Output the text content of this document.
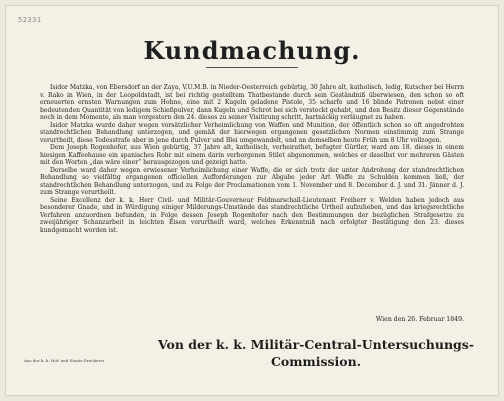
52331
Kundmachung.

Isidor Matzka, von Ebersdorf an der Zaya, V.U.M.B. in Nieder-Oesterreich gebürtig, 30 Jahre alt, katholisch, ledig, Kutscher bei Herrn v. Rako in Wien, in der Leopoldstadt, ist bei richtig gestelltem Thatbestande durch sein Geständniß überwiesen, den schon so oft erneuerten ernsten Warnungen zum Hohne, eine mit 2 Kugeln geladene Pistole, 35 scharfe und 16 blinde Patronen nebst einer bedeutenden Quantität von ledigem Schießpulver, dann Kugeln und Schrot bei sich versteckt gehabt, und den Besitz dieser Gegenstände noch in dem Momente, als man vorgestern den 24. dieses zu seiner Visitirung schritt, hartnäckig verläugnet zu haben.

Isidor Matzka wurde daher wegen vorsätzlicher Verheimlichung von Waffen und Munition, der öffentlich schon so oft angedrohten standrechtlichen Behandlung unterzogen, und gemäß der hierwegen ergangenen gesetzlichen Normen einstimmig zum Strange verurtheilt, diese Todesstrafe aber in jene durch Pulver und Blei umgewandelt, und an demselben heute Früh um 8 Uhr vollzogen.

Dem Joseph Rogenhofer, aus Wien gebürtig, 37 Jahre alt, katholisch, verheirathet, befugter Gürtler, ward am 18. dieses in einem hiesigen Kaffeehause ein spanisches Rohr mit einem darin verborgenen Stilet abgenommen, welches er daselbst vor mehreren Gästen mit den Worten „das wäre einer“ herausgezogen und gezeigt hatte.

Derselbe ward daher wegen erwiesener Verheimlichung einer Waffe, die er sich trotz der unter Androhung der standrechtlichen Behandlung so vielfältig ergangenen officiellen Aufforderungen zur Abgabe jeder Art Waffe zu Schulden kommen ließ, der standrechtlichen Behandlung unterzogen, und zu Folge der Proclamationen vom 1. November und 8. December d. J. und 31. Jänner d. J. zum Strange verurtheilt.

Seine Excellenz der k. k. Herr Civil- und Militär-Gouverneur Feldmarschall-Lieutenant Freiherr v. Welden haben jedoch aus besonderer Gnade, und in Würdigung einiger Milderungs-Umstände das standrechtliche Urtheil aufzuheben, und das kriegsrechtliche Verfahren anzuordnen befunden, in Folge dessen Joseph Rogenhofer nach den Bestimmungen der bezüglichen Strafgesetze zu zweijähriger Schanzarbeit in leichten Eisen verurtheilt ward, welches Erkenntniß nach erfolgter Bestätigung den 23. dieses kundgemacht worden ist.

Wien den 26. Februar 1849.
Von der k. k. Militär-Central-Untersuchungs-
Commission.
Aus der k. k. Hof- und Staats-Druckerei.
